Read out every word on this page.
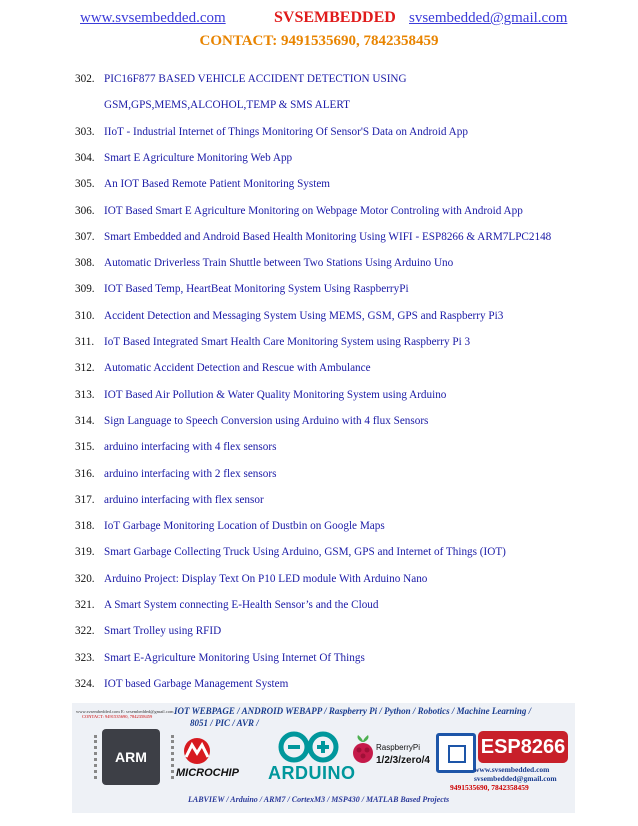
www.svsembedded.com	SVSEMBEDDED svsembedded@gmail.com
CONTACT: 9491535690, 7842358459
302. PIC16F877 BASED VEHICLE ACCIDENT DETECTION USING
GSM,GPS,MEMS,ALCOHOL,TEMP & SMS ALERT
303. IIoT - Industrial Internet of Things Monitoring Of Sensor'S Data on Android App
304. Smart E Agriculture Monitoring Web App
305. An IOT Based Remote Patient Monitoring System
306. IOT Based Smart E Agriculture Monitoring on Webpage Motor Controling with Android App
307. Smart Embedded and Android Based Health Monitoring Using WIFI - ESP8266 & ARM7LPC2148
308. Automatic Driverless Train Shuttle between Two Stations Using Arduino Uno
309. IOT Based Temp, HeartBeat Monitoring System Using RaspberryPi
310. Accident Detection and Messaging System Using MEMS, GSM, GPS and Raspberry Pi3
311. IoT Based Integrated Smart Health Care Monitoring System using Raspberry Pi 3
312. Automatic Accident Detection and Rescue with Ambulance
313. IOT Based Air Pollution & Water Quality Monitoring System using Arduino
314. Sign Language to Speech Conversion using Arduino with 4 flux Sensors
315. arduino interfacing with 4 flex sensors
316. arduino interfacing with 2 flex sensors
317. arduino interfacing with flex sensor
318. IoT Garbage Monitoring Location of Dustbin on Google Maps
319. Smart Garbage Collecting Truck Using Arduino, GSM, GPS and Internet of Things (IOT)
320. Arduino Project: Display Text On P10 LED module With Arduino Nano
321. A Smart System connecting E-Health Sensor’s and the Cloud
322. Smart Trolley using RFID
323. Smart E-Agriculture Monitoring Using Internet Of Things
324. IOT based Garbage Management System
www.svsembedded.com E: svsembedded@gmail.com
CONTACT: 9491535690, 7842358459
IOT WEBPAGE / ANDROID WEBAPP / Raspberry Pi / Python / Robotics / Machine Learning /
8051 / PIC / AVR /
ARM
MICROCHIP ARDUINO
RaspberryPi
1/2/3/zero/4
ESP8266
www.svsembedded.com
svsembedded@gmail.com
9491535690, 7842358459
LABVIEW / Arduino / ARM7 / CortexM3 / MSP430 / MATLAB Based Projects
